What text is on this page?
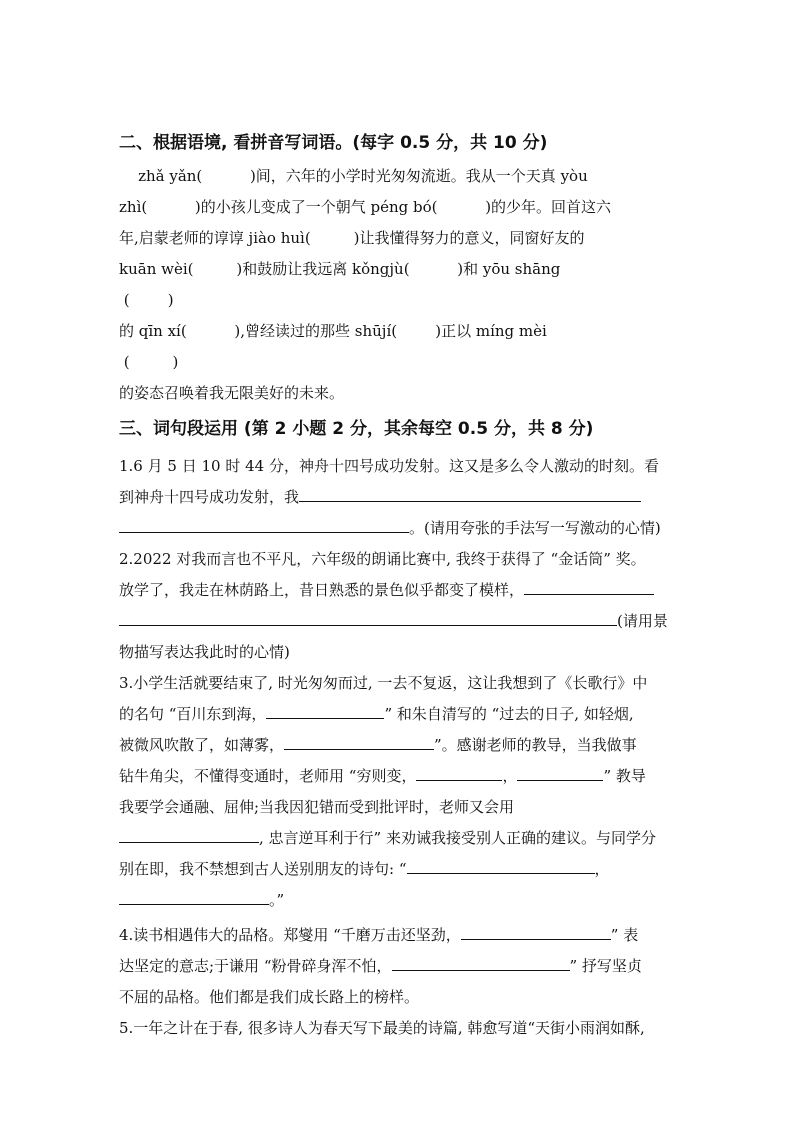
二、根据语境, 看拼音写词语。(每字 0.5 分，共 10 分)
zhǎ yǎn(          )间，六年的小学时光匆匆流逝。我从一个天真 yòu
zhì(          )的小孩儿变成了一个朝气 péng bó(          )的少年。回首这六
年,启蒙老师的谆谆 jiào huì(         )让我懂得努力的意义，同窗好友的
kuān wèi(         )和鼓励让我远离 kǒngjù(          )和 yōu shāng
(        )
的 qīn xí(          ),曾经读过的那些 shūjí(        )正以 míng mèi
(         )
的姿态召唤着我无限美好的未来。
三、词句段运用 (第 2 小题 2 分，其余每空 0.5 分，共 8 分)
1.6 月 5 日 10 时 44 分，神舟十四号成功发射。这又是多么令人激动的时刻。看
到神舟十四号成功发射，我
。(请用夸张的手法写一写激动的心情)
2.2022 对我而言也不平凡，六年级的朗诵比赛中, 我终于获得了 “金话筒” 奖。
放学了，我走在林荫路上，昔日熟悉的景色似乎都变了模样，
(请用景
物描写表达我此时的心情)
3.小学生活就要结束了, 时光匆匆而过, 一去不复返，这让我想到了《长歌行》中
的名句 “百川东到海，	” 和朱自清写的 “过去的日子, 如轻烟,
被微风吹散了，如薄雾，	”。感谢老师的教导，当我做事
钻牛角尖，不懂得变通时，老师用 “穷则变，	，	” 教导
我要学会通融、屈伸;当我因犯错而受到批评时，老师又会用
, 忠言逆耳利于行” 来劝诫我接受别人正确的建议。与同学分
别在即，我不禁想到古人送别朋友的诗句: “	，
。”
4.读书相遇伟大的品格。郑燮用 “千磨万击还坚劲，	” 表
达坚定的意志;于谦用 “粉骨碎身浑不怕，	” 抒写坚贞
不屈的品格。他们都是我们成长路上的榜样。
5.一年之计在于春, 很多诗人为春天写下最美的诗篇, 韩愈写道“天街小雨润如酥,
